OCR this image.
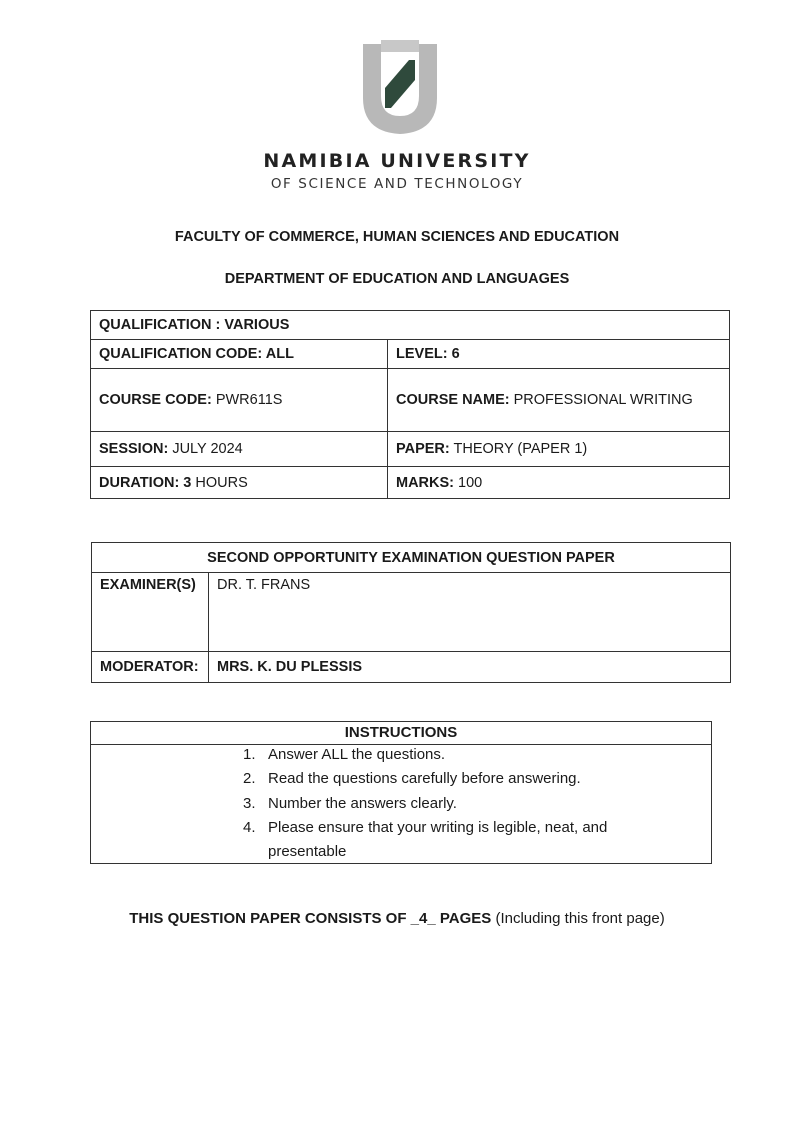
NAMIBIA UNIVERSITY
OF SCIENCE AND TECHNOLOGY
FACULTY OF COMMERCE, HUMAN SCIENCES AND EDUCATION
DEPARTMENT OF EDUCATION AND LANGUAGES
QUALIFICATION : VARIOUS	
QUALIFICATION CODE: ALL	LEVEL: 6
COURSE CODE: PWR611S	COURSE NAME: PROFESSIONAL WRITING
SESSION: JULY 2024	PAPER: THEORY (PAPER 1)
DURATION: 3 HOURS	MARKS: 100
SECOND OPPORTUNITY EXAMINATION QUESTION PAPER	
EXAMINER(S)	DR. T. FRANS
MODERATOR:	MRS. K. DU PLESSIS
INSTRUCTIONS
1. Answer ALL the questions.
2. Read the questions carefully before answering.
3. Number the answers clearly.
4. Please ensure that your writing is legible, neat, and presentable
THIS QUESTION PAPER CONSISTS OF _4_ PAGES (Including this front page)
